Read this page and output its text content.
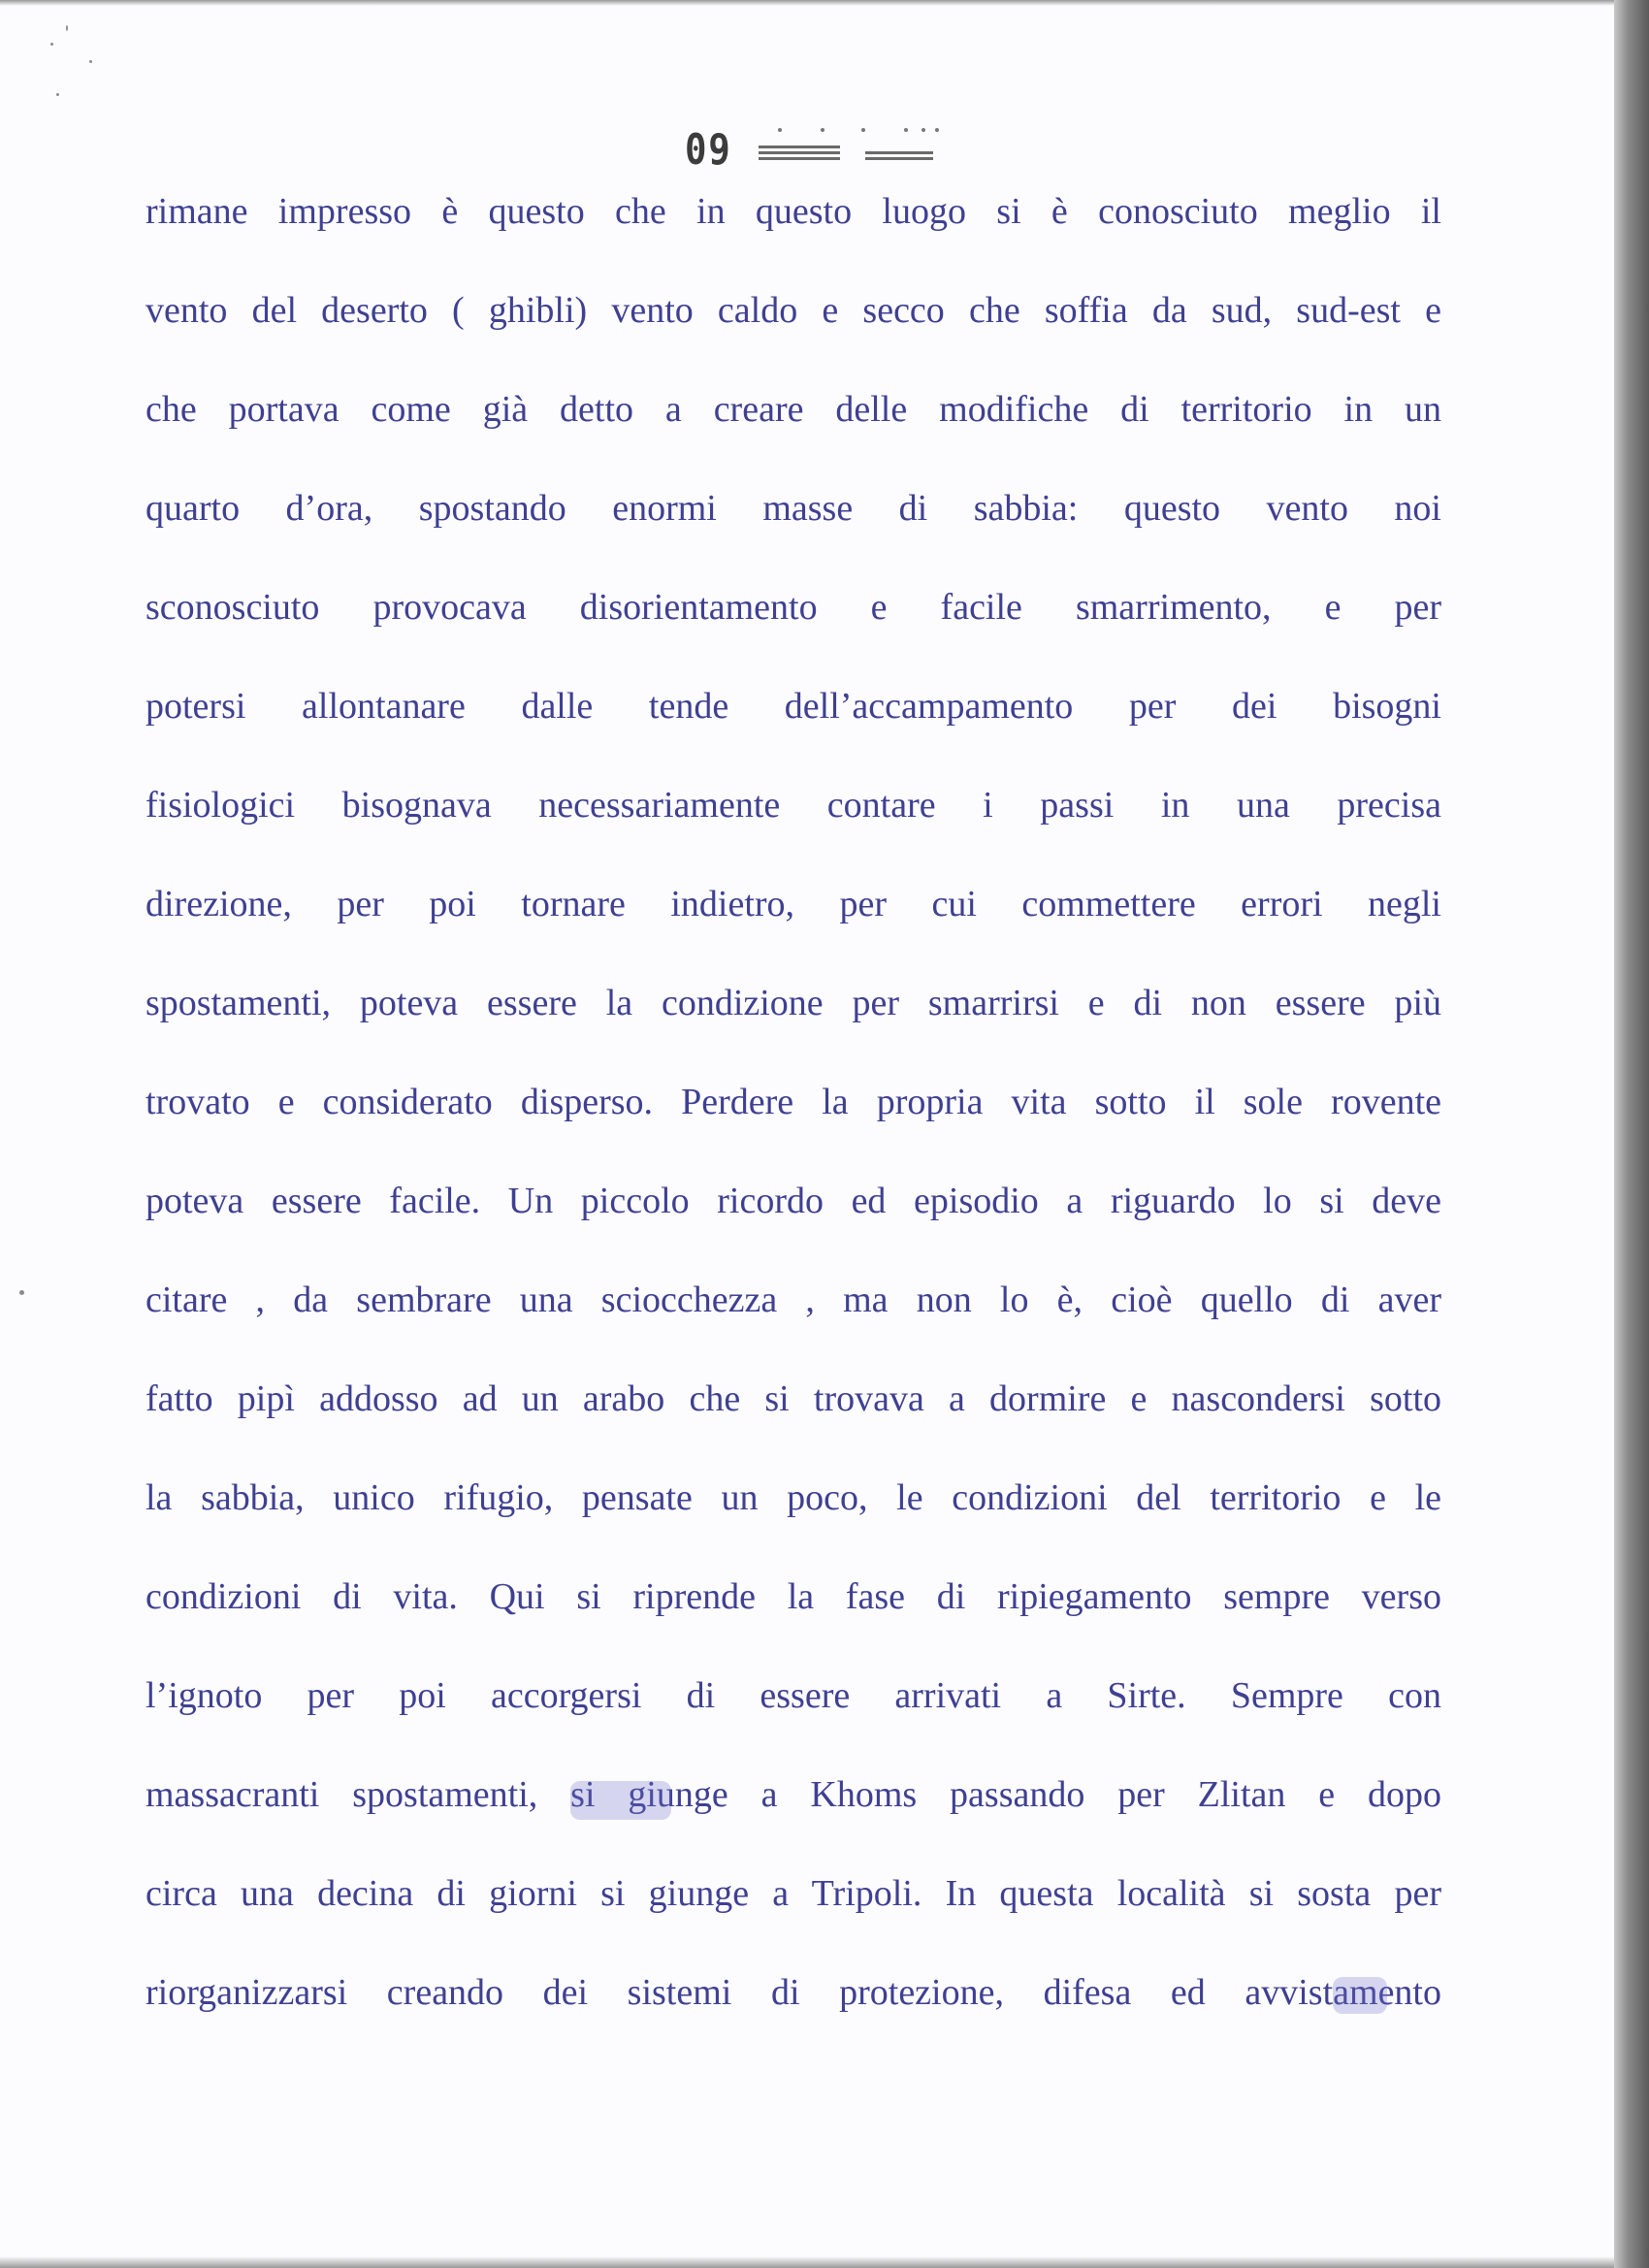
09
rimane impresso è questo che in questo luogo si è conosciuto meglio il
vento del deserto ( ghibli) vento caldo e secco che soffia da sud, sud-est e
che portava come già detto a creare delle modifiche di territorio in un
quarto d’ora, spostando enormi masse di sabbia: questo vento noi
sconosciuto provocava disorientamento e facile smarrimento, e per
potersi allontanare dalle tende dell’accampamento per dei bisogni
fisiologici bisognava necessariamente contare i passi in una precisa
direzione, per poi tornare indietro, per cui commettere errori negli
spostamenti, poteva essere la condizione per smarrirsi e di non essere più
trovato e considerato disperso. Perdere la propria vita sotto il sole rovente
poteva essere facile. Un piccolo ricordo ed episodio a riguardo lo si deve
citare , da sembrare una sciocchezza , ma non lo è, cioè quello di aver
fatto pipì addosso ad un arabo che si trovava a dormire e nascondersi sotto
la sabbia, unico rifugio, pensate un poco, le condizioni del territorio e le
condizioni di vita. Qui si riprende la fase di ripiegamento sempre verso
l’ignoto per poi accorgersi di essere arrivati a Sirte. Sempre con
massacranti spostamenti, si giunge a Khoms passando per Zlitan e dopo
circa una decina di giorni si giunge a Tripoli. In questa località si sosta per
riorganizzarsi creando dei sistemi di protezione, difesa ed avvistamento
